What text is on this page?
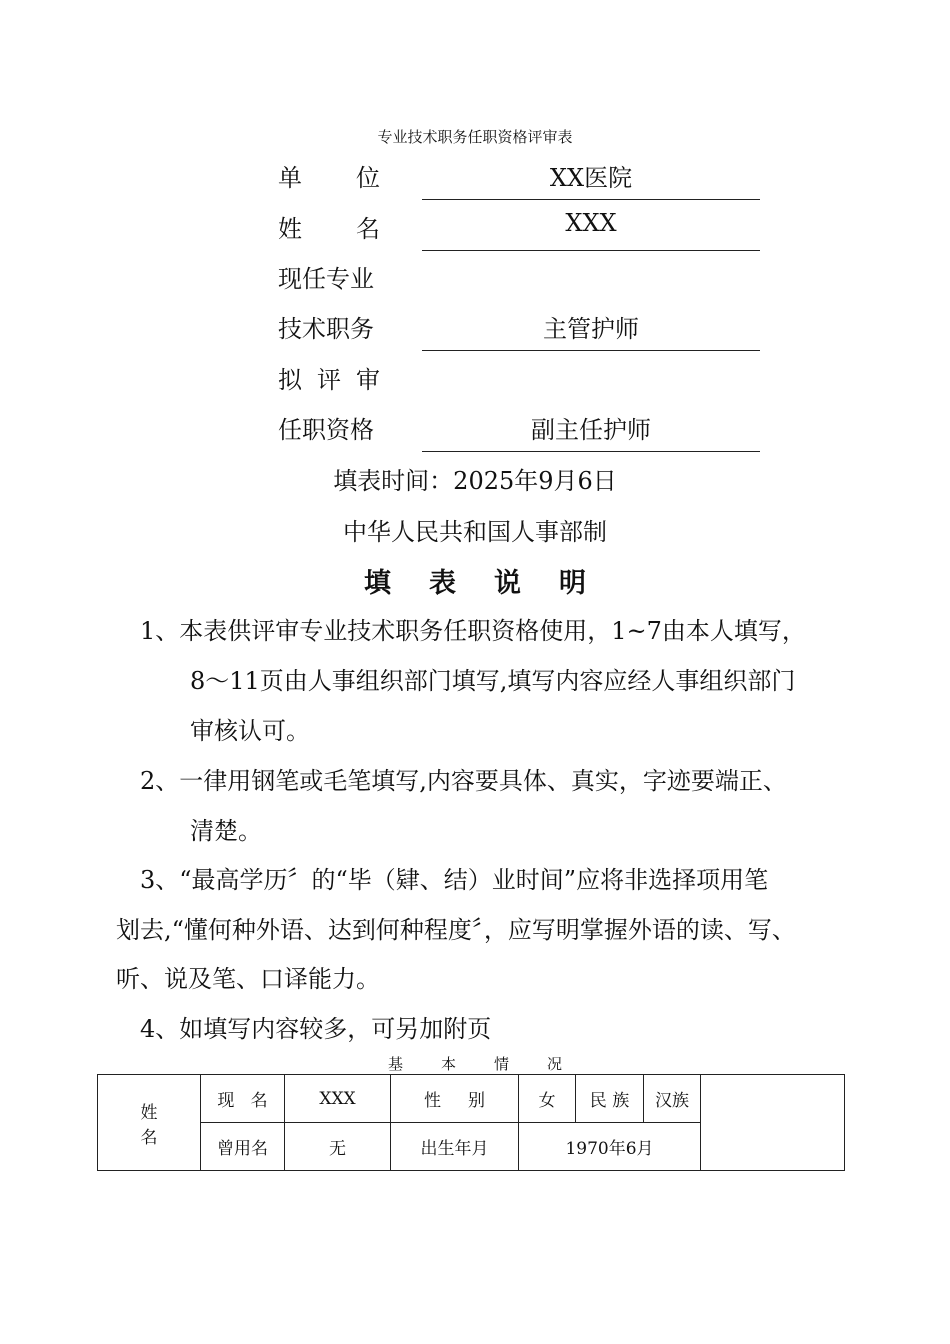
专业技术职务任职资格评审表
单 位	XX医院
姓 名	XXX
现任专业
技术职务	主管护师
拟 评 审
任职资格	副主任护师
填表时间：2025年9月6日
中华人民共和国人事部制
填表说明
1、本表供评审专业技术职务任职资格使用，1~7由本人填写，
8～11页由人事组织部门填写,填写内容应经人事组织部门
审核认可。
2、一律用钢笔或毛笔填写,内容要具体、真实，字迹要端正、
清楚。
3、“最高学历〞的“毕（肄、结）业时间”应将非选择项用笔
划去,“懂何种外语、达到何种程度〞，应写明掌握外语的读、写、
听、说及笔、口译能力。
4、如填写内容较多，可另加附页
基本情况
姓
名	现 名	XXX	性 别	女	民 族	汉族	
	曾用名	无	出生年月	1970年6月			
